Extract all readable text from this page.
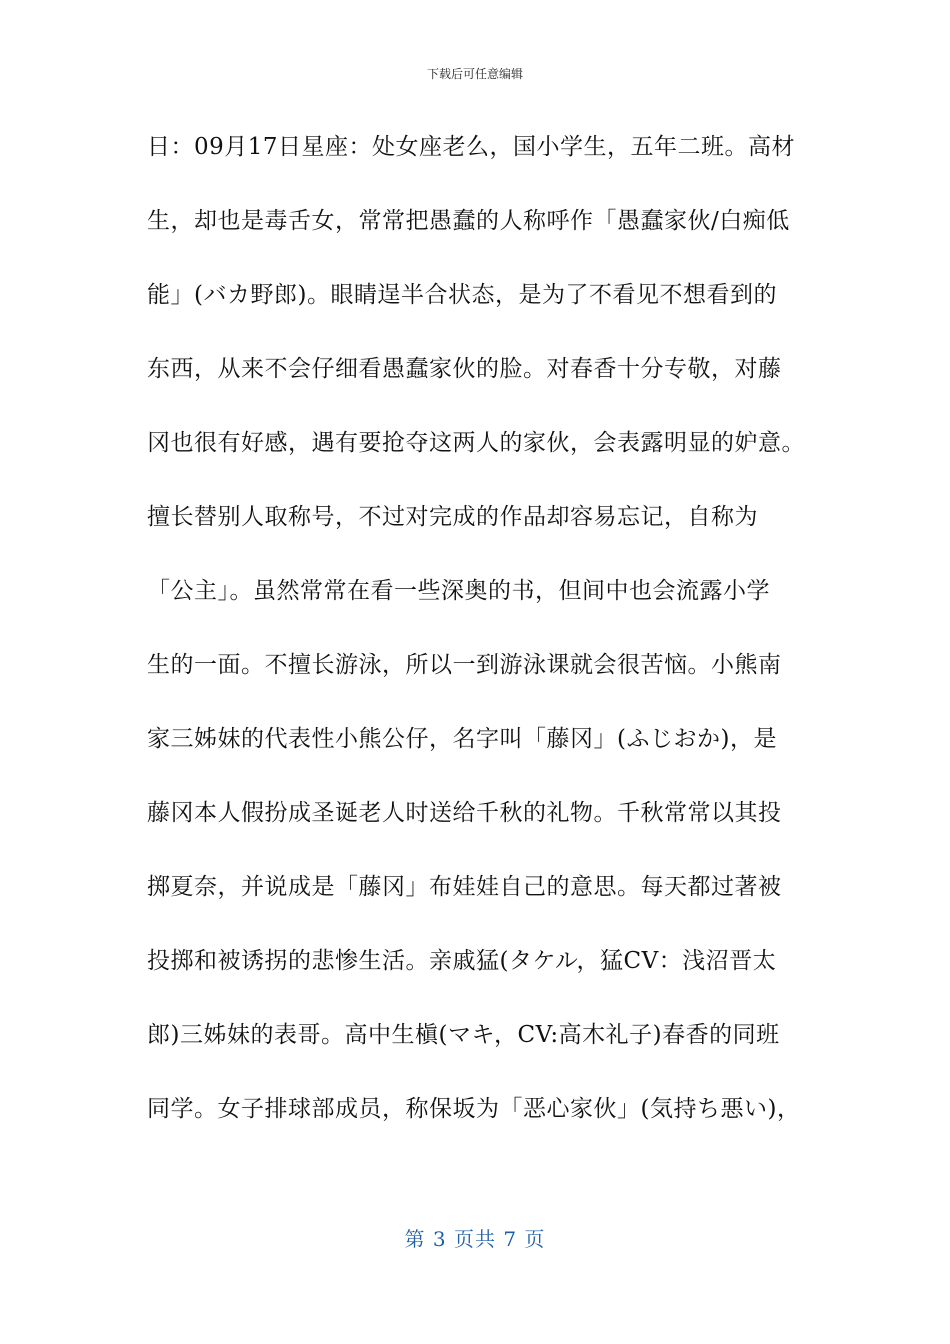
下载后可任意编辑
日：09月17日星座：处女座老么，国小学生，五年二班。高材
生，却也是毒舌女，常常把愚蠢的人称呼作「愚蠢家伙/白痴低
能」(バカ野郎)。眼睛逞半合状态，是为了不看见不想看到的
东西，从来不会仔细看愚蠢家伙的脸。对春香十分专敬，对藤
冈也很有好感，遇有要抢夺这两人的家伙，会表露明显的妒意。
擅长替别人取称号，不过对完成的作品却容易忘记，自称为
「公主」。虽然常常在看一些深奥的书，但间中也会流露小学
生的一面。不擅长游泳，所以一到游泳课就会很苦恼。小熊南
家三姊妹的代表性小熊公仔，名字叫「藤冈」(ふじおか)，是
藤冈本人假扮成圣诞老人时送给千秋的礼物。千秋常常以其投
掷夏奈，并说成是「藤冈」布娃娃自己的意思。每天都过著被
投掷和被诱拐的悲惨生活。亲戚猛(タケル，猛CV：浅沼晋太
郎)三姊妹的表哥。高中生槇(マキ，CV:高木礼子)春香的同班
同学。女子排球部成员，称保坂为「恶心家伙」(気持ち悪い)，
第 3 页共 7 页
